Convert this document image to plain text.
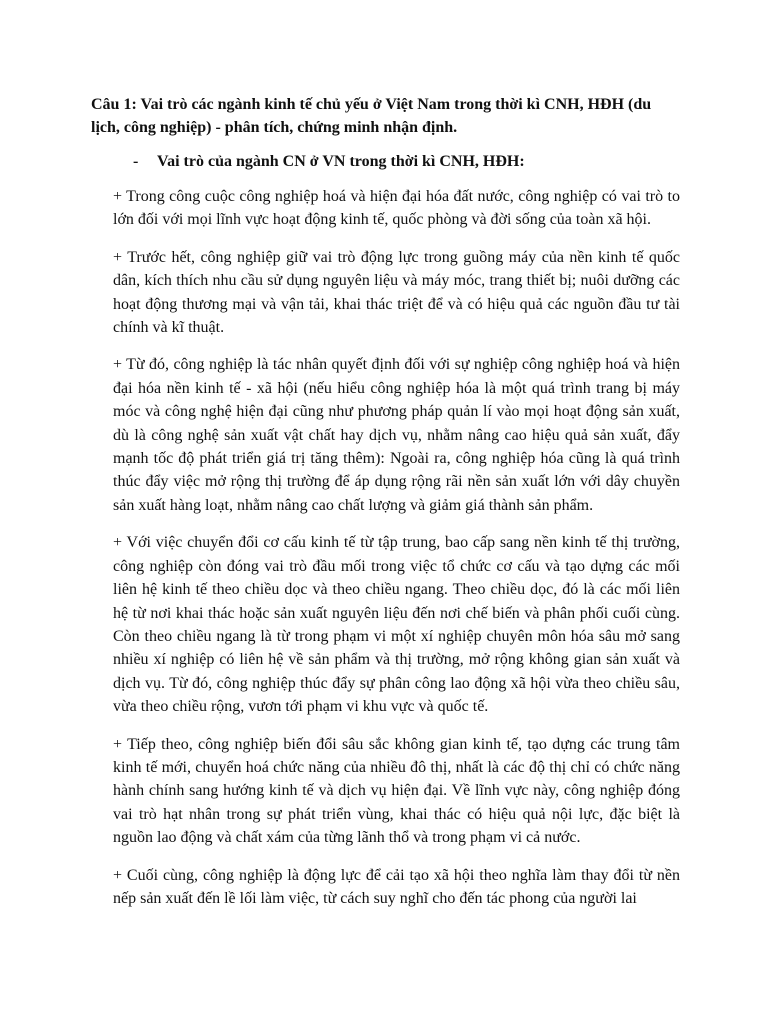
Câu 1: Vai trò các ngành kinh tế chủ yếu ở Việt Nam trong thời kì CNH, HĐH (du lịch, công nghiệp) - phân tích, chứng minh nhận định.

-	Vai trò của ngành CN ở VN trong thời kì CNH, HĐH:

+ Trong công cuộc công nghiệp hoá và hiện đại hóa đất nước, công nghiệp có vai trò to lớn đối với mọi lĩnh vực hoạt động kinh tế, quốc phòng và đời sống của toàn xã hội.

+ Trước hết, công nghiệp giữ vai trò động lực trong guồng máy của nền kinh tế quốc dân, kích thích nhu cầu sử dụng nguyên liệu và máy móc, trang thiết bị; nuôi dưỡng các hoạt động thương mại và vận tải, khai thác triệt để và có hiệu quả các nguồn đầu tư tài chính và kĩ thuật.

+ Từ đó, công nghiệp là tác nhân quyết định đối với sự nghiệp công nghiệp hoá và hiện đại hóa nền kinh tế - xã hội (nếu hiểu công nghiệp hóa là một quá trình trang bị máy móc và công nghệ hiện đại cũng như phương pháp quản lí vào mọi hoạt động sản xuất, dù là công nghệ sản xuất vật chất hay dịch vụ, nhằm nâng cao hiệu quả sản xuất, đẩy mạnh tốc độ phát triển giá trị tăng thêm): Ngoài ra, công nghiệp hóa cũng là quá trình thúc đẩy việc mở rộng thị trường để áp dụng rộng rãi nền sản xuất lớn với dây chuyền sản xuất hàng loạt, nhằm nâng cao chất lượng và giảm giá thành sản phẩm.

+ Với việc chuyển đổi cơ cấu kinh tế từ tập trung, bao cấp sang nền kinh tế thị trường, công nghiệp còn đóng vai trò đầu mối trong việc tổ chức cơ cấu và tạo dựng các mối liên hệ kinh tế theo chiều dọc và theo chiều ngang. Theo chiều dọc, đó là các mối liên hệ từ nơi khai thác hoặc sản xuất nguyên liệu đến nơi chế biến và phân phối cuối cùng. Còn theo chiều ngang là từ trong phạm vi một xí nghiệp chuyên môn hóa sâu mở sang nhiều xí nghiệp có liên hệ về sản phẩm và thị trường, mở rộng không gian sản xuất và dịch vụ. Từ đó, công nghiệp thúc đẩy sự phân công lao động xã hội vừa theo chiều sâu, vừa theo chiều rộng, vươn tới phạm vi khu vực và quốc tế.

+ Tiếp theo, công nghiệp biến đổi sâu sắc không gian kinh tế, tạo dựng các trung tâm kinh tế mới, chuyển hoá chức năng của nhiều đô thị, nhất là các độ thị chỉ có chức năng hành chính sang hướng kinh tế và dịch vụ hiện đại. Về lĩnh vực này, công nghiệp đóng vai trò hạt nhân trong sự phát triển vùng, khai thác có hiệu quả nội lực, đặc biệt là nguồn lao động và chất xám của từng lãnh thổ và trong phạm vi cả nước.

+ Cuối cùng, công nghiệp là động lực để cải tạo xã hội theo nghĩa làm thay đổi từ nền nếp sản xuất đến lề lối làm việc, từ cách suy nghĩ cho đến tác phong của người lai
